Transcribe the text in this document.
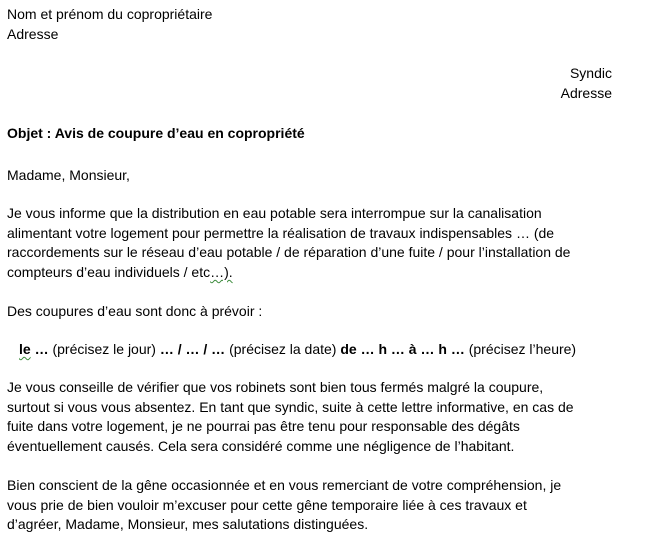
Nom et prénom du copropriétaire
Adresse
Syndic
Adresse
Objet : Avis de coupure d’eau en copropriété
Madame, Monsieur,
Je vous informe que la distribution en eau potable sera interrompue sur la canalisation
alimentant votre logement pour permettre la réalisation de travaux indispensables … (de
raccordements sur le réseau d’eau potable / de réparation d’une fuite / pour l’installation de
compteurs d’eau individuels / etc…).
Des coupures d’eau sont donc à prévoir :
le … (précisez le jour) … / … / … (précisez la date) de … h … à … h … (précisez l’heure)
Je vous conseille de vérifier que vos robinets sont bien tous fermés malgré la coupure,
surtout si vous vous absentez. En tant que syndic, suite à cette lettre informative, en cas de
fuite dans votre logement, je ne pourrai pas être tenu pour responsable des dégâts
éventuellement causés. Cela sera considéré comme une négligence de l’habitant.
Bien conscient de la gêne occasionnée et en vous remerciant de votre compréhension, je
vous prie de bien vouloir m’excuser pour cette gêne temporaire liée à ces travaux et
d’agréer, Madame, Monsieur, mes salutations distinguées.
